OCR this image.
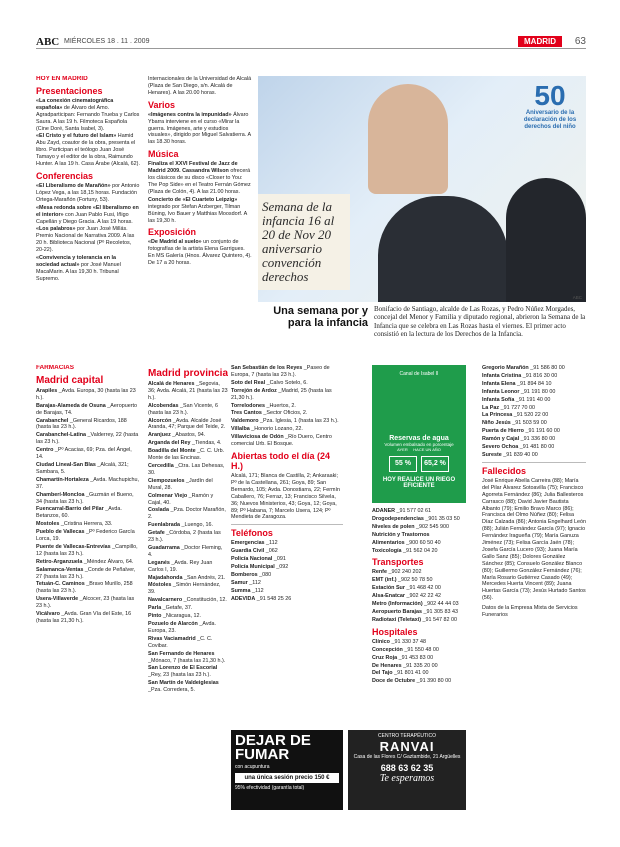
ABC MIÉRCOLES 18 . 11 . 2009	MADRID	63
HOY EN MADRID
Presentaciones
«La conexión cinematográfica española» de Álvaro del Amo. Agradparticipan: Fernando Trueba y Carlos Saura. A las 19 h. Filmoteca Española (Cine Doré, Santa Isabel, 3).
«El Cristo y el futuro del Islam» Hamid Abu Zayd, coautor de la obra, presenta el libro. Participan el teólogo Juan José Tamayo y el editor de la obra, Raimundo Hunter. A las 19 h. Casa Árabe (Alcalá, 62).
Conferencias
«El Liberalismo de Marañón» por Antonio López Vega, a las 18,15 horas. Fundación Ortega-Marañón (Fortuny, 53).
«Mesa redonda sobre «El liberalismo en el interior» con Juan Pablo Fusi, Iñigo Capellán y Diego Gracia. A las 19 horas.
«Los palabros» por Juan José Millás. Premio Nacional de Narrativa 2009. A las 20 h. Biblioteca Nacional (Pº Recoletos, 20-22).
«Convivencia y tolerancia en la sociedad actual» por José Manuel MacaMarin. A las 19,30 h. Tribunal Supremo.
Internacionales de la Universidad de Alcalá (Plaza de San Diego, s/n. Alcalá de Henares). A las 20.00 horas.
Varios
«Imágenes contra la impunidad» Álvaro Ybarra interviene en el curso «Mirar la guerra. Imágenes, arte y estudios visuales», dirigido por Miguel Salvatierra. A las 18.30 horas.
Música
Finaliza el XXVI Festival de Jazz de Madrid 2009. Cassandra Wilson ofrecerá los clásicos de su disco «Closer to You: The Pop Side» en el Teatro Fernán Gómez (Plaza de Colón, 4). A las 21.00 horas.
Concierto de «El Cuarteto Leipzig» integrado por Stefan Arzberger, Tilman Büning, Ivo Bauer y Matthias Moosdorf. A las 19,30 h.
Exposición
«De Madrid al suelo» un conjunto de fotografías de la artista Elena Garrigues. En MS Galería (Hnos. Álvarez Quintero, 4). De 17 a 20 horas.
Semana de la infancia 16 al 20 de Nov 20 aniversario convención derechos
50
Aniversario de la declaración de los derechos del niño
ABC
Una semana por y para la infancia
Bonifacio de Santiago, alcalde de Las Rozas, y Pedro Núñez Morgades, concejal del Menor y Familia y diputado regional, abrieron la Semana de la Infancia que se celebra en Las Rozas hasta el viernes. El primer acto consistió en la lectura de los Derechos de la Infancia.
FARMACIAS
Madrid capital
Arapiles _Avda. Europa, 30 (hasta las 23 h.).
Barajas-Alameda de Osuna _Aeropuerto de Barajas, T4.
Carabanchel _General Ricardos, 188 (hasta las 23 h.).
Carabanchel-Latina _Valderrey, 22 (hasta las 23 h.).
Centro _Pº Acacias, 69; Pza. del Ángel, 14.
Ciudad Lineal-San Blas _Alcalá, 321; Sambara, 5.
Chamartín-Hortaleza _Avda. Machupichu, 37.
Chamberí-Moncloa _Guzmán el Bueno, 34 (hasta las 23 h.).
Fuencarral-Barrio del Pilar _Avda. Betanzos, 60.
Mostoles _Cristina Herrera, 33.
Pueblo de Vallecas _Pº Federico García Lorca, 19.
Puente de Vallecas-Entrevías _Campillo, 12 (hasta las 23 h.).
Retiro-Arganzuela _Méndez Álvaro, 64.
Salamanca-Ventas _Conde de Peñalver, 27 (hasta las 23 h.).
Tetuán-C. Caminos _Bravo Murillo, 258 (hasta las 23 h.).
Usera-Villaverde _Alcocer, 23 (hasta las 23 h.).
Vicálvaro _Avda. Gran Vía del Este, 16 (hasta las 21,30 h.).
Madrid provincia
Alcalá de Henares _Segovia, 36; Avda. Alcalá, 21 (hasta las 23 h.).
Alcobendas _San Vicente, 6 (hasta las 23 h.).
Alcorcón _Avda. Alcalde José Aranda, 47; Parque del Teide, 2.
Aranjuez _Abastos, 94.
Arganda del Rey _Tiendas, 4.
Boadilla del Monte _C. C. Urb. Monte de las Encinas.
Cercedilla _Ctra. Las Dehesas, 30.
Ciempozuelos _Jardín del Mural, 28.
Colmenar Viejo _Ramón y Cajal, 40.
Coslada _Pza. Doctor Marañón, 2.
Fuenlabrada _Luengo, 16.
Getafe _Córdoba, 2 (hasta las 23 h.).
Guadarrama _Doctor Fleming, 4.
Leganés _Avda. Rey Juan Carlos I, 19.
Majadahonda _San Andrés, 21.
Móstoles _Simón Hernández, 39.
Navalcarnero _Constitución, 12.
Parla _Getafe, 37.
Pinto _Nicaragua, 12.
Pozuelo de Alarcón _Avda. Europa, 23.
Rivas Vaciamadrid _C. C. Covibar.
San Fernando de Henares _Mónaco, 7 (hasta las 21,30 h.).
San Lorenzo de El Escorial _Rey, 23 (hasta las 23 h.).
San Martín de Valdeiglesias _Pza. Corredera, 5.
San Sebastián de los Reyes _Paseo de Europa, 7 (hasta las 23 h.).
Soto del Real _Calvo Sotelo, 6.
Torrejón de Ardoz _Madrid, 25 (hasta las 21,30 h.).
Torrelodones _Huertos, 2.
Tres Cantos _Sector Oficios, 2.
Valdemoro _Pza. Iglesia, 1 (hasta las 23 h.).
Villalba _Honorio Lozano, 22.
Villaviciosa de Odón _Río Duero, Centro comercial Urb. El Bosque.
Abiertas todo el día (24 H.)
Alcalá, 171; Blanca de Castilla, 2; Ankaraaki; Pº de la Castellana, 261; Goya, 89; San Bernardo, 105; Avda. Donostiarra, 22; Fermín Caballero, 76; Ferraz, 13; Francisco Silvela, 36; Nuevos Ministerios, 43; Goya, 12; Goya, 89; Pº Habana, 7; Marcelo Usera, 124; Pº Mendieta de Zaragoza.
Teléfonos
Emergencias _112
Guardia Civil _062
Policía Nacional _091
Policía Municipal _092
Bomberos _080
Samur _112
Summa _112
ADEVIDA _91 548 25 26
Canal de Isabel II
Reservas de agua
Volumen embalsado en porcentaje
AYER HACE UN AÑO
55 % 65,2 %
HOY REALICE UN RIEGO EFICIENTE
ADANER _91 577 02 61
Drogodependencias _901 35 03 50
Niveles de polen _902 545 900
Nutrición y Trastornos
Alimentarios _900 60 50 40
Toxicología _91 562 04 20
Transportes
Renfe _902 240 202
EMT (inf.) _902 50 78 50
Estación Sur _91 468 42 00
Alsa-Enatcar _902 42 22 42
Metro (Información) _902 44 44 03
Aeropuerto Barajas _91 305 83 43
Radiotaxi (Teletaxi) _91 547 82 00
Hospitales
Clínico _91 330 37 48
Concepción _91 550 48 00
Cruz Roja _91 453 83 00
De Henares _91 335 20 00
Del Tajo _91 801 41 00
Doce de Octubre _91 390 80 00
Gregorio Marañón _91 586 80 00
Infanta Cristina _91 816 30 00
Infanta Elena _91 894 84 10
Infanta Leonor _91 191 80 00
Infanta Sofía _91 191 40 00
La Paz _91 727 70 00
La Princesa _91 520 22 00
Niño Jesús _91 503 59 00
Puerta de Hierro _91 191 60 00
Ramón y Cajal _91 336 80 00
Severo Ochoa _91 481 80 00
Sureste _91 839 40 00
Fallecidos
José Enrique Abella Carreira (88); María del Pilar Álvarez Sotoavilla (75); Francisco Agorreta Fernández (86); Julia Ballesteros Carrasco (88); David Javier Bautista Albanto (79); Emilio Bravo Marco (86); Francisca del Olmo Núñez (80); Felisa Díaz Calzada (86); Antonia Engelhard León (88); Julián Fernández García (97); Ignacio Fernández Iragueña (79); María Ganuza Jiménez (73); Felisa García Jaén (78); Josefa García Lucero (93); Juana María Gallo Sanz (85); Dolores González Sánchez (85); Consuelo González Blanco (80); Guillermo González Fernández (76); María Rosario Gutiérrez Casado (49); Mercedes Huerta Vincent (89); Juana Huertas García (73); Jesús Hurtado Santos (56).
Datos de la Empresa Mixta de Servicios Funerarios
DEJAR DE FUMAR
con acupuntura
una única sesión precio 150 €
95% efectividad (garantía total)
CENTRO TERAPÉUTICO
RANVAI
Casa de las Flores C/ Gaztambide, 21 Argüelles
688 63 62 35
Te esperamos
